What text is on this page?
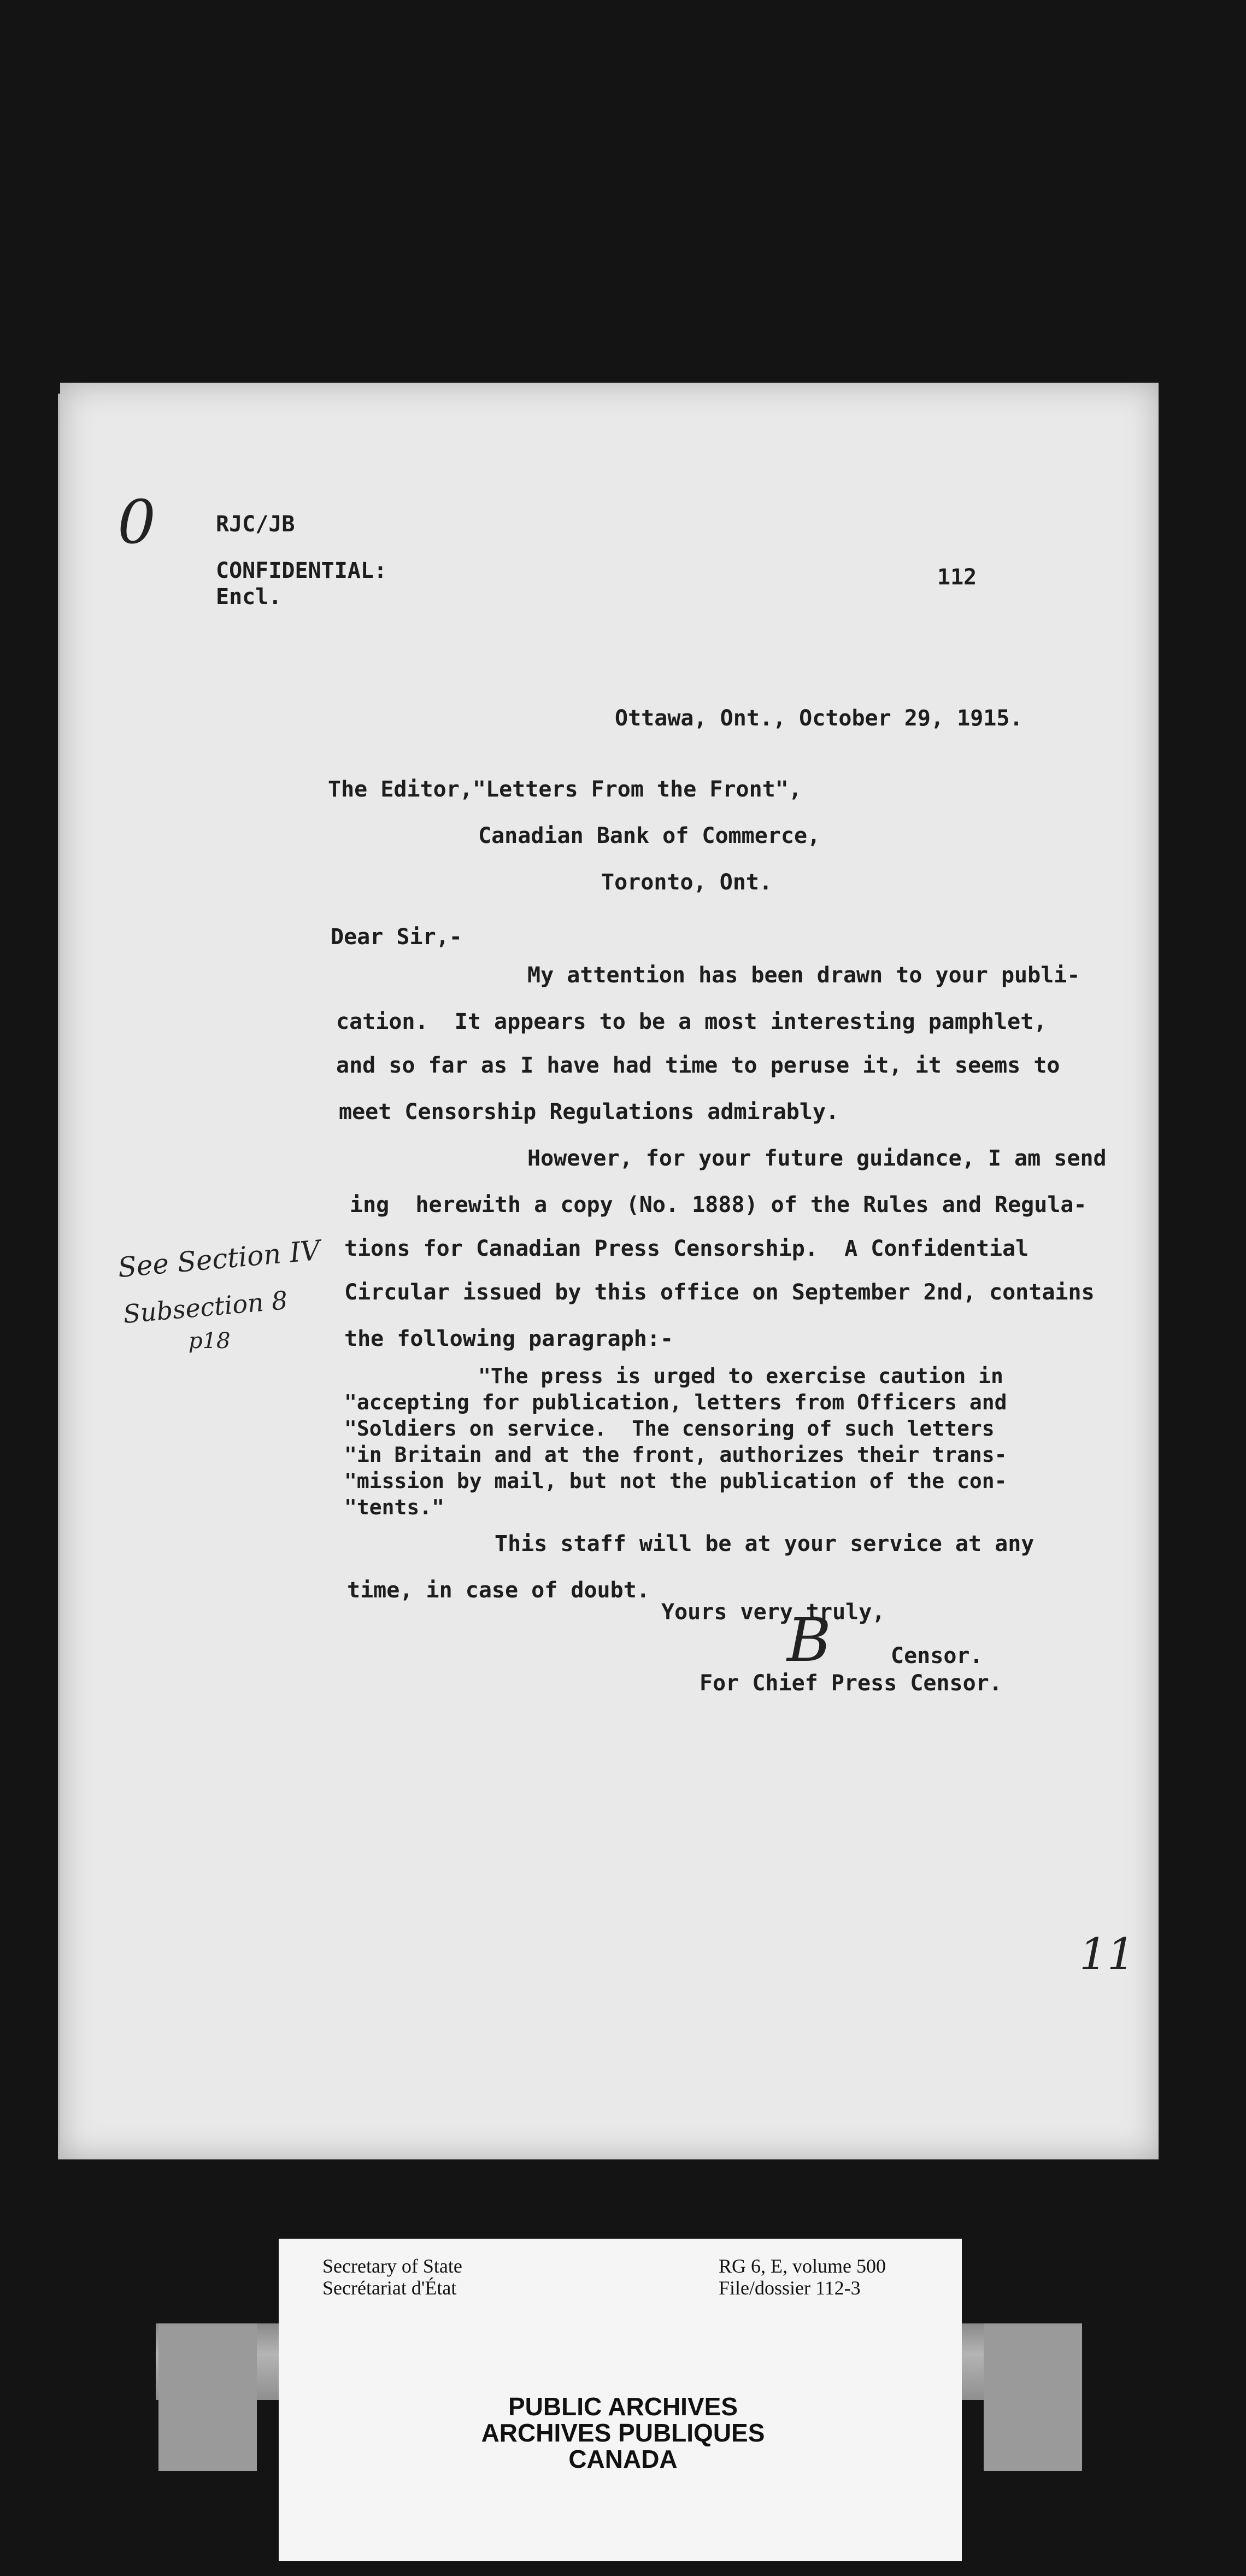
0	RJC/JB
CONFIDENTIAL:
Encl.
112
Ottawa, Ont., October 29, 1915.
The Editor,"Letters From the Front",
Canadian Bank of Commerce,
Toronto, Ont.
Dear Sir,-
My attention has been drawn to your publi-
cation.  It appears to be a most interesting pamphlet,
and so far as I have had time to peruse it, it seems to
meet Censorship Regulations admirably.
However, for your future guidance, I am send
ing  herewith a copy (No. 1888) of the Rules and Regula-
tions for Canadian Press Censorship.  A Confidential
Circular issued by this office on September 2nd, contains
the following paragraph:-
"The press is urged to exercise caution in
"accepting for publication, letters from Officers and
"Soldiers on service.  The censoring of such letters
"in Britain and at the front, authorizes their trans-
"mission by mail, but not the publication of the con-
"tents."
This staff will be at your service at any
time, in case of doubt.
Yours very truly,
B	Censor.
For Chief Press Censor.
See Section IV
Subsection 8
p18
11
Secretary of State
Secrétariat d'État
RG 6, E, volume 500
File/dossier 112-3
PUBLIC ARCHIVES
ARCHIVES PUBLIQUES
CANADA
